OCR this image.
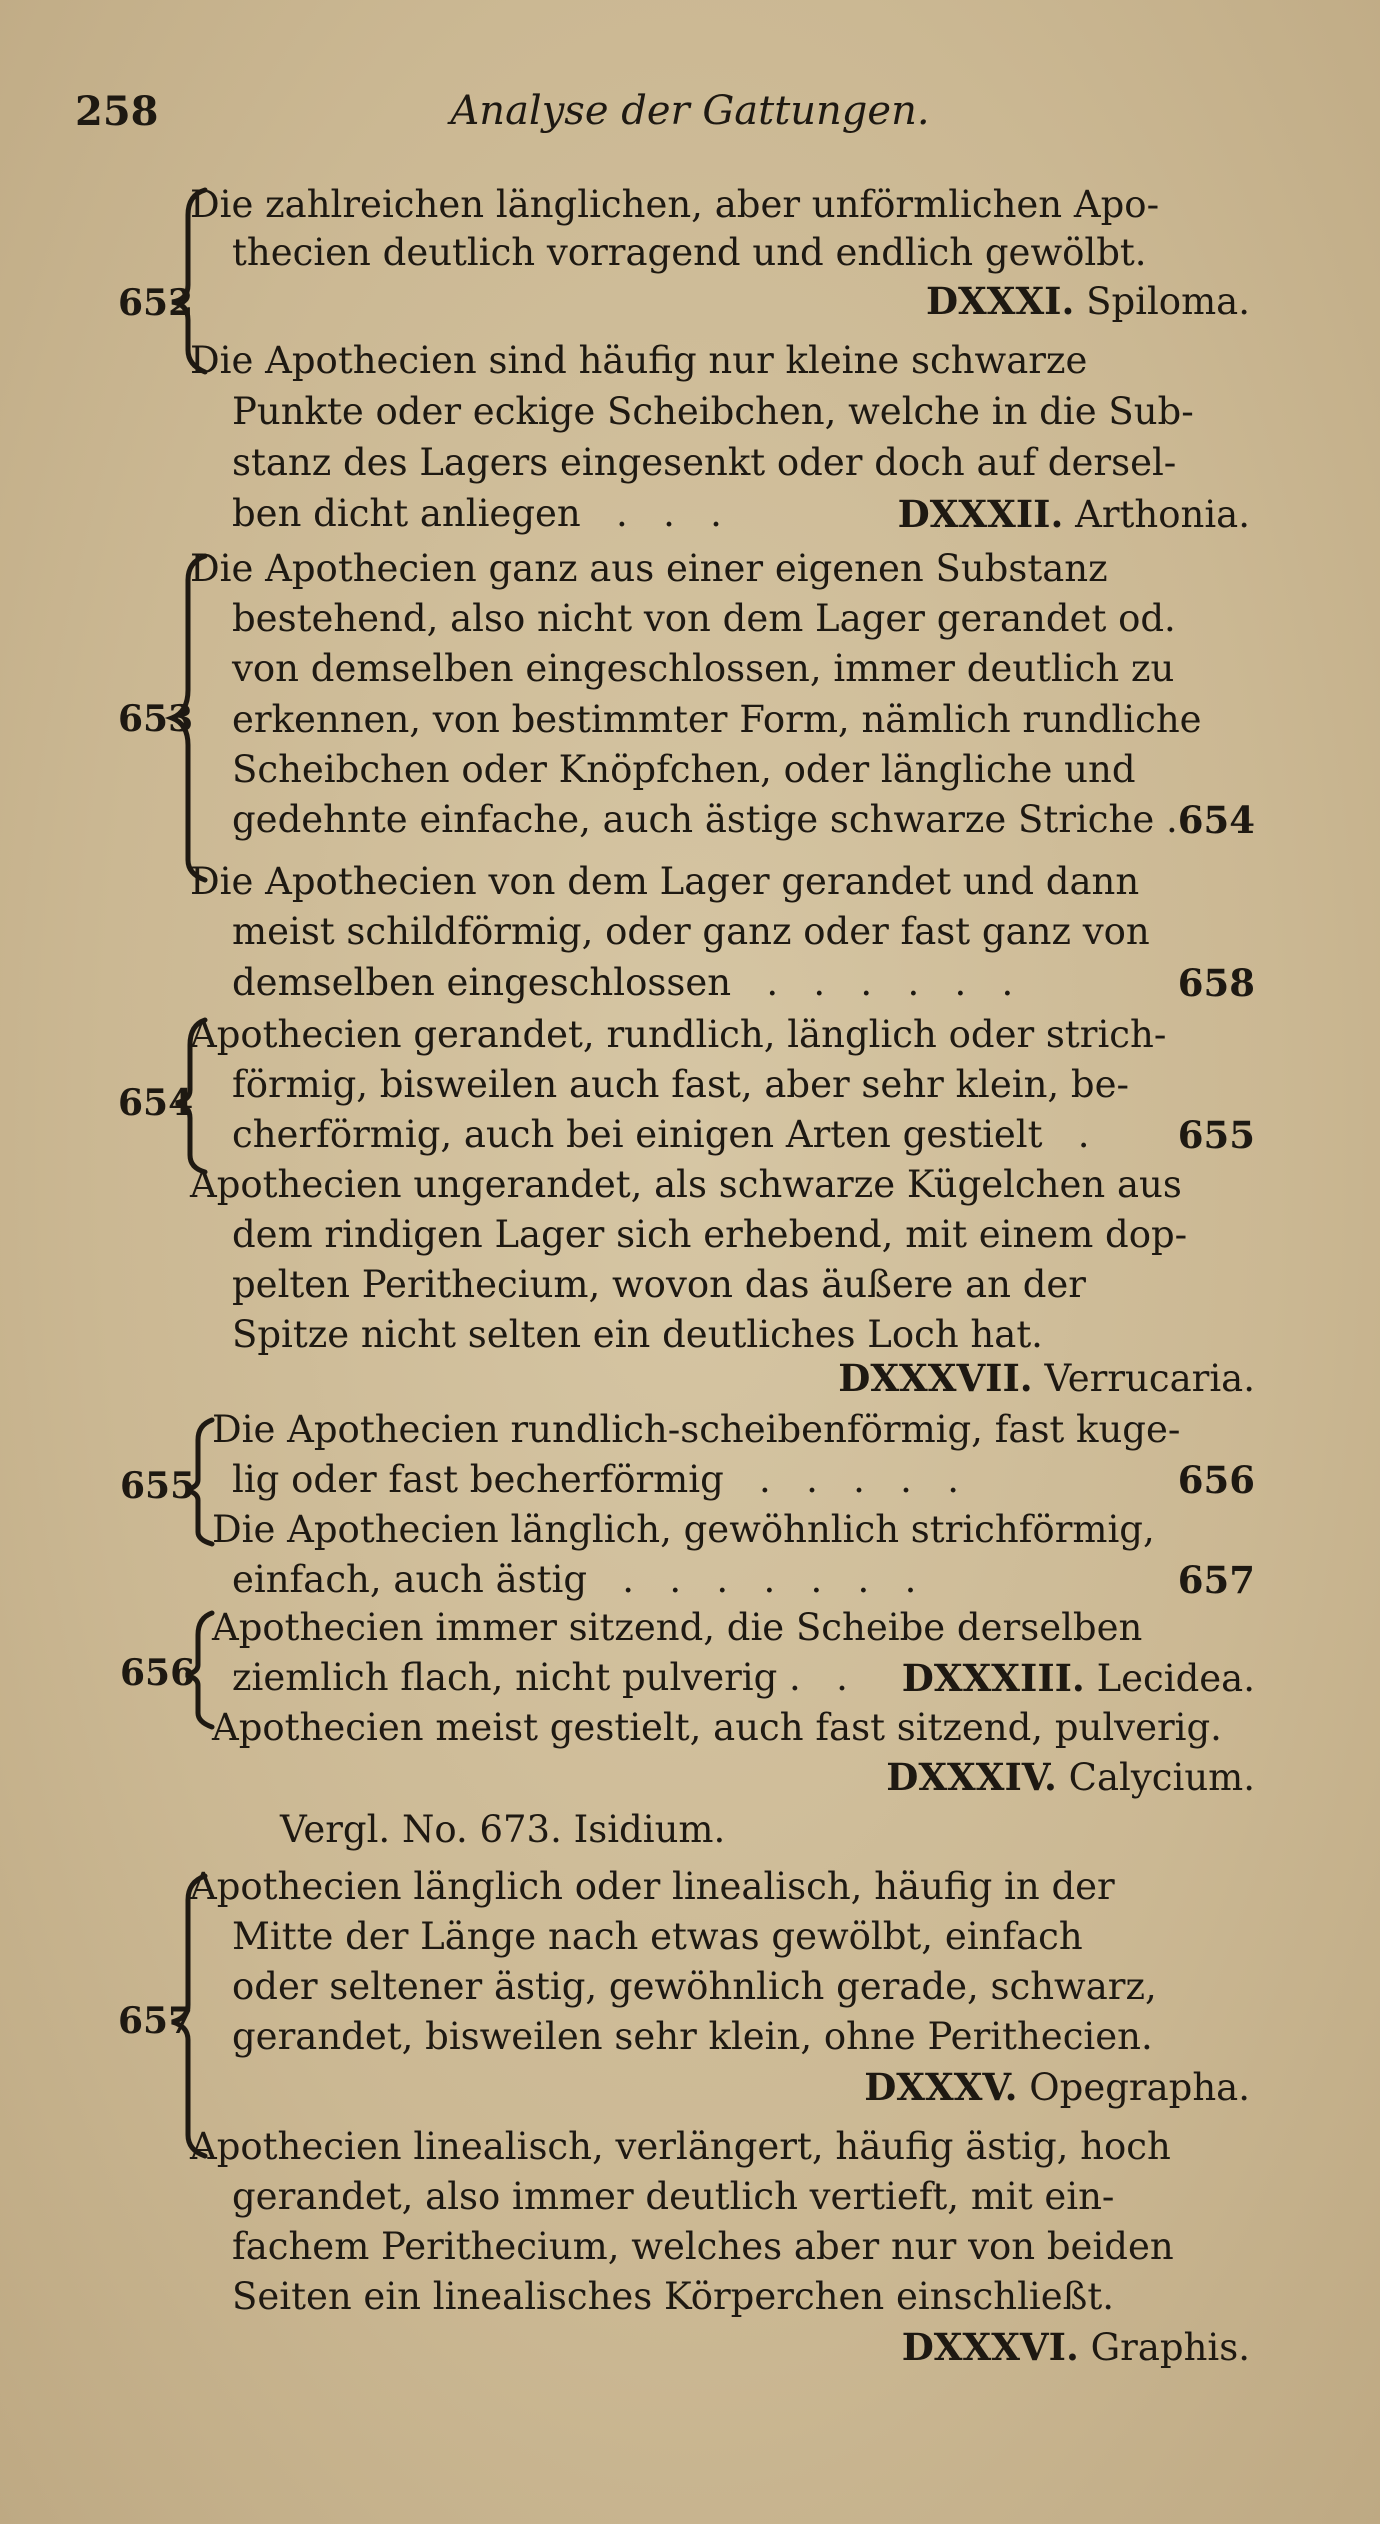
258	Analyse der Gattungen.
652
Die zahlreichen länglichen, aber unförmlichen Apo-
thecien deutlich vorragend und endlich gewölbt.
DXXXI. Spiloma.
Die Apothecien sind häufig nur kleine schwarze
Punkte oder eckige Scheibchen, welche in die Sub-
stanz des Lagers eingesenkt oder doch auf dersel-
ben dicht anliegen   .   .   .	DXXXII. Arthonia.
653
Die Apothecien ganz aus einer eigenen Substanz
bestehend, also nicht von dem Lager gerandet od.
von demselben eingeschlossen, immer deutlich zu
erkennen, von bestimmter Form, nämlich rundliche
Scheibchen oder Knöpfchen, oder längliche und
gedehnte einfache, auch ästige schwarze Striche . 654
Die Apothecien von dem Lager gerandet und dann
meist schildförmig, oder ganz oder fast ganz von
demselben eingeschlossen   .   .   .   .   .   .	658
654
Apothecien gerandet, rundlich, länglich oder strich-
förmig, bisweilen auch fast, aber sehr klein, be-
cherförmig, auch bei einigen Arten gestielt   . 655
Apothecien ungerandet, als schwarze Kügelchen aus
dem rindigen Lager sich erhebend, mit einem dop-
pelten Perithecium, wovon das äußere an der
Spitze nicht selten ein deutliches Loch hat.
DXXXVII. Verrucaria.
655
Die Apothecien rundlich-scheibenförmig, fast kuge-
lig oder fast becherförmig   .   .   .   .   .	656
Die Apothecien länglich, gewöhnlich strichförmig,
einfach, auch ästig   .   .   .   .   .   .   .	657
656
Apothecien immer sitzend, die Scheibe derselben
ziemlich flach, nicht pulverig .   . DXXXIII. Lecidea.
Apothecien meist gestielt, auch fast sitzend, pulverig.
DXXXIV. Calycium.
Vergl. No. 673. Isidium.
657
Apothecien länglich oder linealisch, häufig in der
Mitte der Länge nach etwas gewölbt, einfach
oder seltener ästig, gewöhnlich gerade, schwarz,
gerandet, bisweilen sehr klein, ohne Perithecien.
DXXXV. Opegrapha.
Apothecien linealisch, verlängert, häufig ästig, hoch
gerandet, also immer deutlich vertieft, mit ein-
fachem Perithecium, welches aber nur von beiden
Seiten ein linealisches Körperchen einschließt.
DXXXVI. Graphis.
